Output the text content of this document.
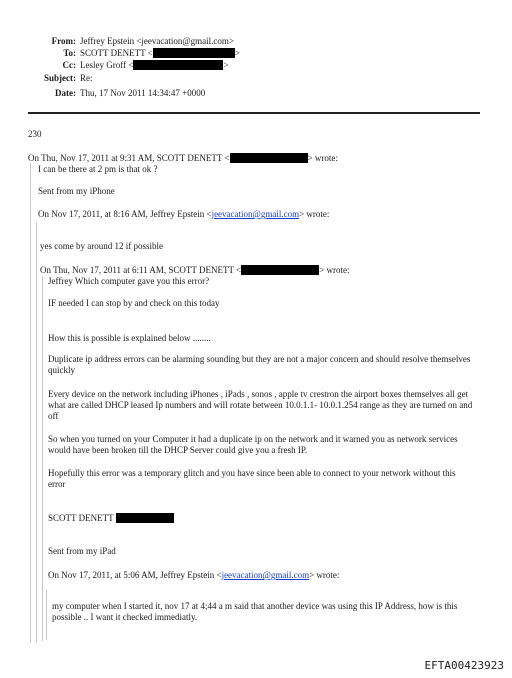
From: Jeffrey Epstein <jeevacation@gmail.com>
To: SCOTT DENETT <	>
Cc: Lesley Groff <	>
Subject: Re:
Date: Thu, 17 Nov 2011 14:34:47 +0000
230
On Thu, Nov 17, 2011 at 9:31 AM, SCOTT DENETT <	> wrote:
I can be there at 2 pm is that ok ?
Sent from my iPhone
On Nov 17, 2011, at 8:16 AM, Jeffrey Epstein <jeevacation@gmail.com> wrote:
yes come by around 12 if possible
On Thu, Nov 17, 2011 at 6:11 AM, SCOTT DENETT <	> wrote:
Jeffrey Which computer gave you this error?
IF needed I can stop by and check on this today
How this is possible is explained below ........
Duplicate ip address errors can be alarming sounding but they are not a major concern and should resolve themselves quickly
Every device on the network including iPhones , iPads , sonos , apple tv crestron the airport boxes themselves all get what are called DHCP leased Ip numbers and will rotate between 10.0.1.1- 10.0.1.254 range as they are turned on and off
So when you turned on your Computer it had a duplicate ip on the network and it warned you as network services would have been broken till the DHCP Server could give you a fresh IP.
Hopefully this error was a temporary glitch and you have since been able to connect to your network without this error
SCOTT DENETT
Sent from my iPad
On Nov 17, 2011, at 5:06 AM, Jeffrey Epstein <jeevacation@gmail.com> wrote:
my computer when I started it, nov 17 at 4;44 a m said that another device was using this IP Address, how is this possible .. I want it checked immediatly.
EFTA00423923
